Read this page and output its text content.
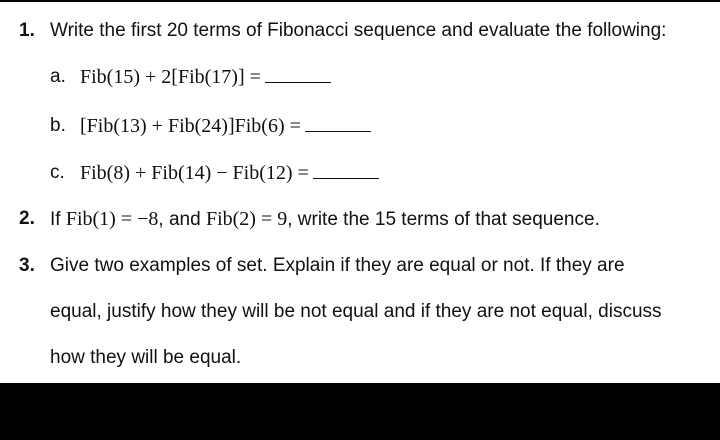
1. Write the first 20 terms of Fibonacci sequence and evaluate the following:
a. Fib(15) + 2[Fib(17)] =
b. [Fib(13) + Fib(24)]Fib(6) =
c. Fib(8) + Fib(14) − Fib(12) =
2. If Fib(1) = −8, and Fib(2) = 9, write the 15 terms of that sequence.
3. Give two examples of set. Explain if they are equal or not. If they are
equal, justify how they will be not equal and if they are not equal, discuss
how they will be equal.
